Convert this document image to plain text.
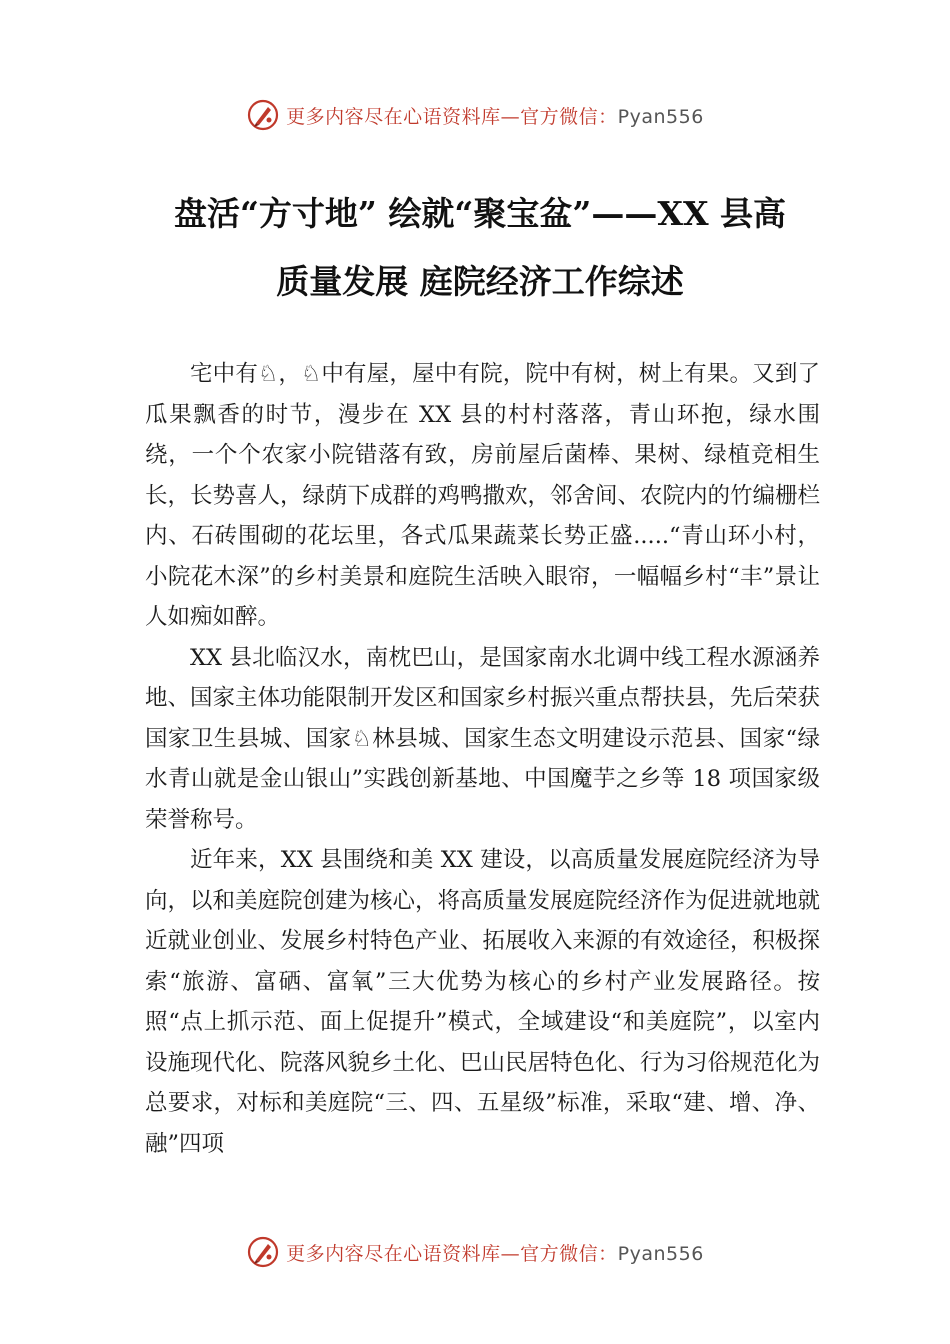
更多内容尽在心语资料库—官方微信：Pyan556
盘活“方寸地” 绘就“聚宝盆”——XX 县高
质量发展 庭院经济工作综述

宅中有♘，♘中有屋，屋中有院，院中有树，树上有果。又到了瓜果飘香的时节，漫步在 XX 县的村村落落，青山环抱，绿水围绕，一个个农家小院错落有致，房前屋后菌棒、果树、绿植竞相生长，长势喜人，绿荫下成群的鸡鸭撒欢，邻舍间、农院内的竹编栅栏内、石砖围砌的花坛里，各式瓜果蔬菜长势正盛.....“青山环小村，小院花木深”的乡村美景和庭院生活映入眼帘，一幅幅乡村“丰”景让人如痴如醉。

XX 县北临汉水，南枕巴山，是国家南水北调中线工程水源涵养地、国家主体功能限制开发区和国家乡村振兴重点帮扶县，先后荣获国家卫生县城、国家♘林县城、国家生态文明建设示范县、国家“绿水青山就是金山银山”实践创新基地、中国魔芋之乡等 18 项国家级荣誉称号。

近年来，XX 县围绕和美 XX 建设，以高质量发展庭院经济为导向，以和美庭院创建为核心，将高质量发展庭院经济作为促进就地就近就业创业、发展乡村特色产业、拓展收入来源的有效途径，积极探索“旅游、富硒、富氧”三大优势为核心的乡村产业发展路径。按照“点上抓示范、面上促提升”模式，全域建设“和美庭院”，以室内设施现代化、院落风貌乡土化、巴山民居特色化、行为习俗规范化为总要求，对标和美庭院“三、四、五星级”标准，采取“建、增、净、融”四项

更多内容尽在心语资料库—官方微信：Pyan556
